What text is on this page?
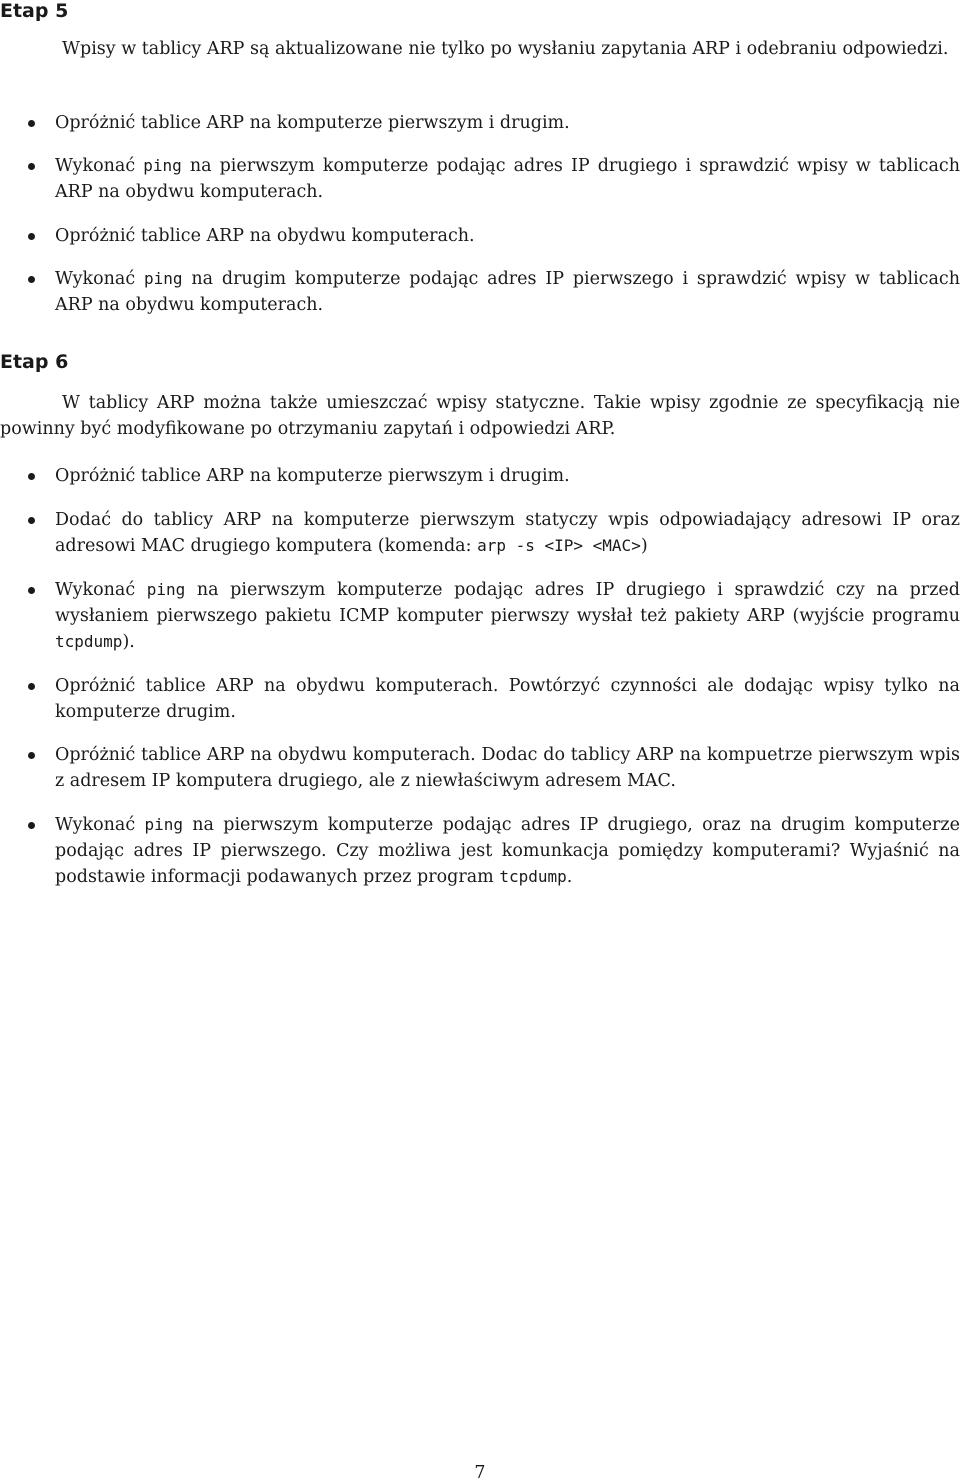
Etap 5

Wpisy w tablicy ARP są aktualizowane nie tylko po wysłaniu zapytania ARP i odebraniu odpowiedzi.

Opróżnić tablice ARP na komputerze pierwszym i drugim.
Wykonać ping na pierwszym komputerze podając adres IP drugiego i sprawdzić wpisy w tablicach ARP na obydwu komputerach.
Opróżnić tablice ARP na obydwu komputerach.
Wykonać ping na drugim komputerze podając adres IP pierwszego i sprawdzić wpisy w tablicach ARP na obydwu komputerach.
Etap 6

W tablicy ARP można także umieszczać wpisy statyczne. Takie wpisy zgodnie ze specyfikacją nie powinny być modyfikowane po otrzymaniu zapytań i odpowiedzi ARP.

Opróżnić tablice ARP na komputerze pierwszym i drugim.
Dodać do tablicy ARP na komputerze pierwszym statyczy wpis odpowiadający adresowi IP oraz adresowi MAC drugiego komputera (komenda: arp -s <IP> <MAC>)
Wykonać ping na pierwszym komputerze podając adres IP drugiego i sprawdzić czy na przed wysłaniem pierwszego pakietu ICMP komputer pierwszy wysłał też pakiety ARP (wyjście programu tcpdump).
Opróżnić tablice ARP na obydwu komputerach. Powtórzyć czynności ale dodając wpisy tylko na komputerze drugim.
Opróżnić tablice ARP na obydwu komputerach. Dodac do tablicy ARP na kompuetrze pierwszym wpis z adresem IP komputera drugiego, ale z niewłaściwym adresem MAC.
Wykonać ping na pierwszym komputerze podając adres IP drugiego, oraz na drugim komputerze podając adres IP pierwszego. Czy możliwa jest komunkacja pomiędzy komputerami? Wyjaśnić na podstawie informacji podawanych przez program tcpdump.
7
